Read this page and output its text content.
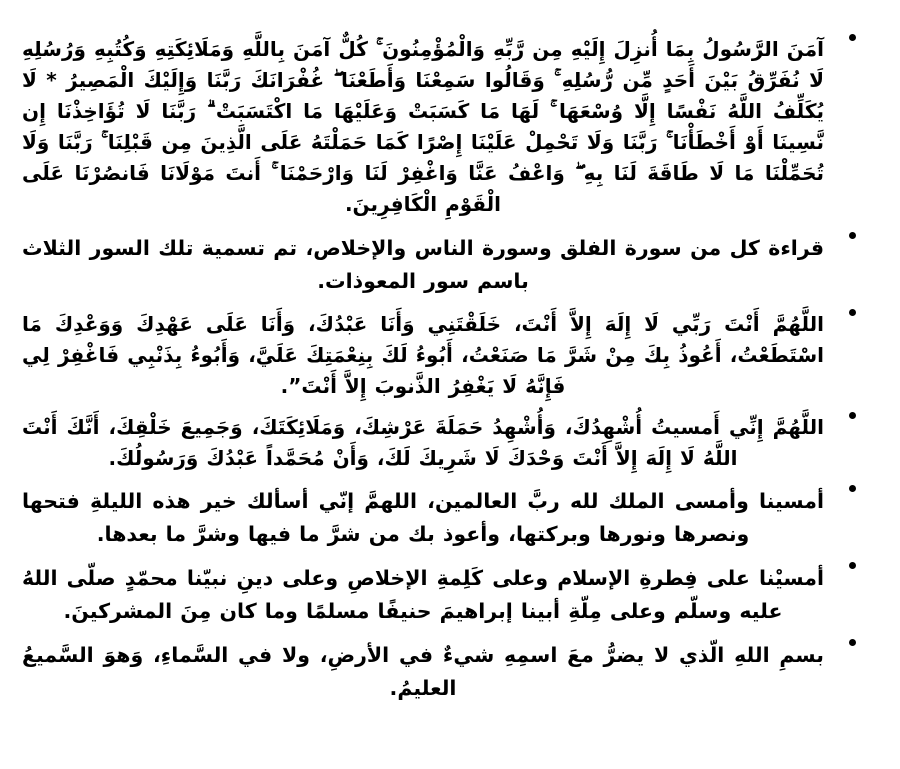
آمَنَ الرَّسُولُ بِمَا أُنزِلَ إِلَيْهِ مِن رَّبِّهِ وَالْمُؤْمِنُونَ ۚ كُلٌّ آمَنَ بِاللَّهِ وَمَلَائِكَتِهِ وَكُتُبِهِ وَرُسُلِهِ لَا نُفَرِّقُ بَيْنَ أَحَدٍ مِّن رُّسُلِهِ ۚ وَقَالُوا سَمِعْنَا وَأَطَعْنَا ۖ غُفْرَانَكَ رَبَّنَا وَإِلَيْكَ الْمَصِيرُ * لَا يُكَلِّفُ اللَّهُ نَفْسًا إِلَّا وُسْعَهَا ۚ لَهَا مَا كَسَبَتْ وَعَلَيْهَا مَا اكْتَسَبَتْ ۗ رَبَّنَا لَا تُؤَاخِذْنَا إِن نَّسِينَا أَوْ أَخْطَأْنَا ۚ رَبَّنَا وَلَا تَحْمِلْ عَلَيْنَا إِصْرًا كَمَا حَمَلْتَهُ عَلَى الَّذِينَ مِن قَبْلِنَا ۚ رَبَّنَا وَلَا تُحَمِّلْنَا مَا لَا طَاقَةَ لَنَا بِهِ ۖ وَاعْفُ عَنَّا وَاغْفِرْ لَنَا وَارْحَمْنَا ۚ أَنتَ مَوْلَانَا فَانصُرْنَا عَلَى الْقَوْمِ الْكَافِرِينَ.
قراءة كل من سورة الفلق وسورة الناس والإخلاص، تم تسمية تلك السور الثلاث باسم سور المعوذات.
اللَّهُمَّ أَنْتَ رَبِّي لَا إِلَهَ إِلاَّ أَنْتَ، خَلَقْتَنِي وَأَنَا عَبْدُكَ، وَأَنَا عَلَى عَهْدِكَ وَوَعْدِكَ مَا اسْتَطَعْتُ، أَعُوذُ بِكَ مِنْ شَرَّ مَا صَنَعْتُ، أَبُوءُ لَكَ بِنِعْمَتِكَ عَلَيَّ، وَأَبُوءُ بِذَنْبِي فَاغْفِرْ لِي فَإِنَّهُ لَا يَغْفِرُ الذَّنوبَ إِلاَّ أَنْتَ”.
اللَّهُمَّ إِنِّي أَمسيتُ أُشْهِدُكَ، وَأُشْهِدُ حَمَلَةَ عَرْشِكَ، وَمَلَائِكَتَكَ، وَجَمِيعَ خَلْقِكَ، أَنَّكَ أَنْتَ اللَّهُ لَا إِلَهَ إِلاَّ أَنْتَ وَحْدَكَ لَا شَرِيكَ لَكَ، وَأَنْ مُحَمَّداً عَبْدُكَ وَرَسُولُكَ.
أمسينا وأمسى الملك لله ربَّ العالمين، اللهمَّ إنّي أسألك خير هذه الليلةِ فتحها ونصرها ونورها وبركتها، وأعوذ بك من شرَّ ما فيها وشرَّ ما بعدها.
أمسيْنا على فِطرةِ الإسلام وعلى كَلِمةِ الإخلاصِ وعلى دينِ نبيّنا محمّدٍ صلّى اللهُ عليه وسلّم وعلى مِلّةِ أبينا إبراهيمَ حنيفًا مسلمًا وما كان مِنَ المشركينَ.
بسمِ اللهِ الّذي لا يضرُّ معَ اسمِهِ شيءٌ في الأرضِ، ولا في السَّماءِ، وَهوَ السَّميعُ العليمُ.
